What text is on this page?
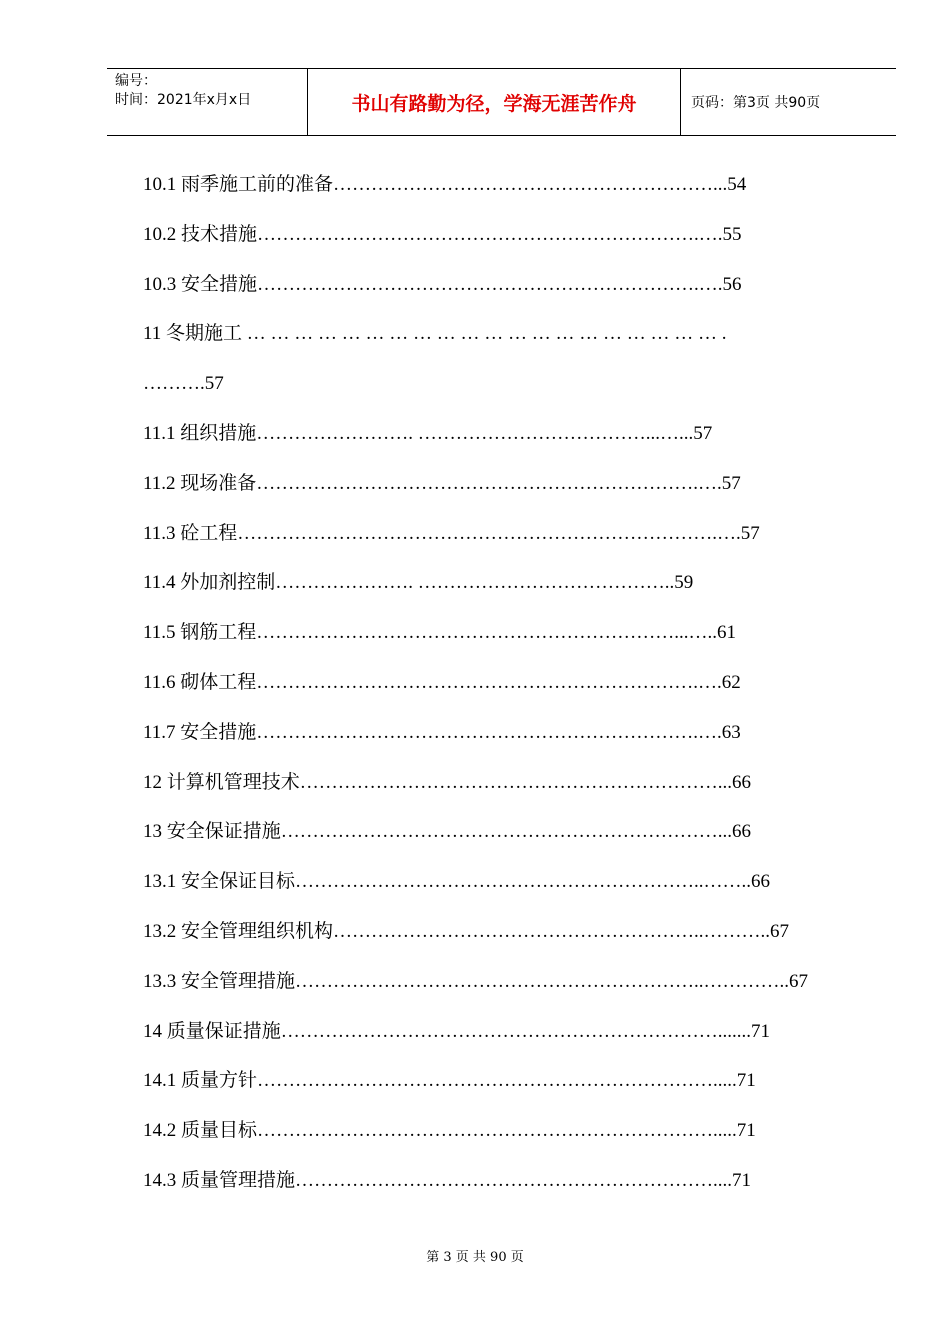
编号：
时间：2021年x月x日	书山有路勤为径，学海无涯苦作舟	页码：第3页 共90页
10.1 雨季施工前的准备……………………………………………………...54
10.2 技术措施…………………………………………………………….….55
10.3 安全措施…………………………………………………………….….56
11 冬期施工 … … … … … … … … … … … … … … … … … … … … .
……….57
11.1 组织措施……………………. ………………………………...…...57
11.2 现场准备…………………………………………………………….….57
11.3 砼工程………………………………………………………………….….57
11.4 外加剂控制…………………. …………………………………..59
11.5 钢筋工程…………………………………………………………...…..61
11.6 砌体工程…………………………………………………………….….62
11.7 安全措施…………………………………………………………….….63
12 计算机管理技术…………………………………………………………...66
13 安全保证措施……………………………………………………………...66
13.1 安全保证目标………………………………………………………..……..66
13.2 安全管理组织机构…………………………………………………..………..67
13.3 安全管理措施………………………………………………………..…………..67
14 质量保证措施…………………………………………………………….......71
14.1 质量方针……………………………………………………………….....71
14.2 质量目标……………………………………………………………….....71
14.3 质量管理措施…………………………………………………………....71
第 3 页 共 90 页
